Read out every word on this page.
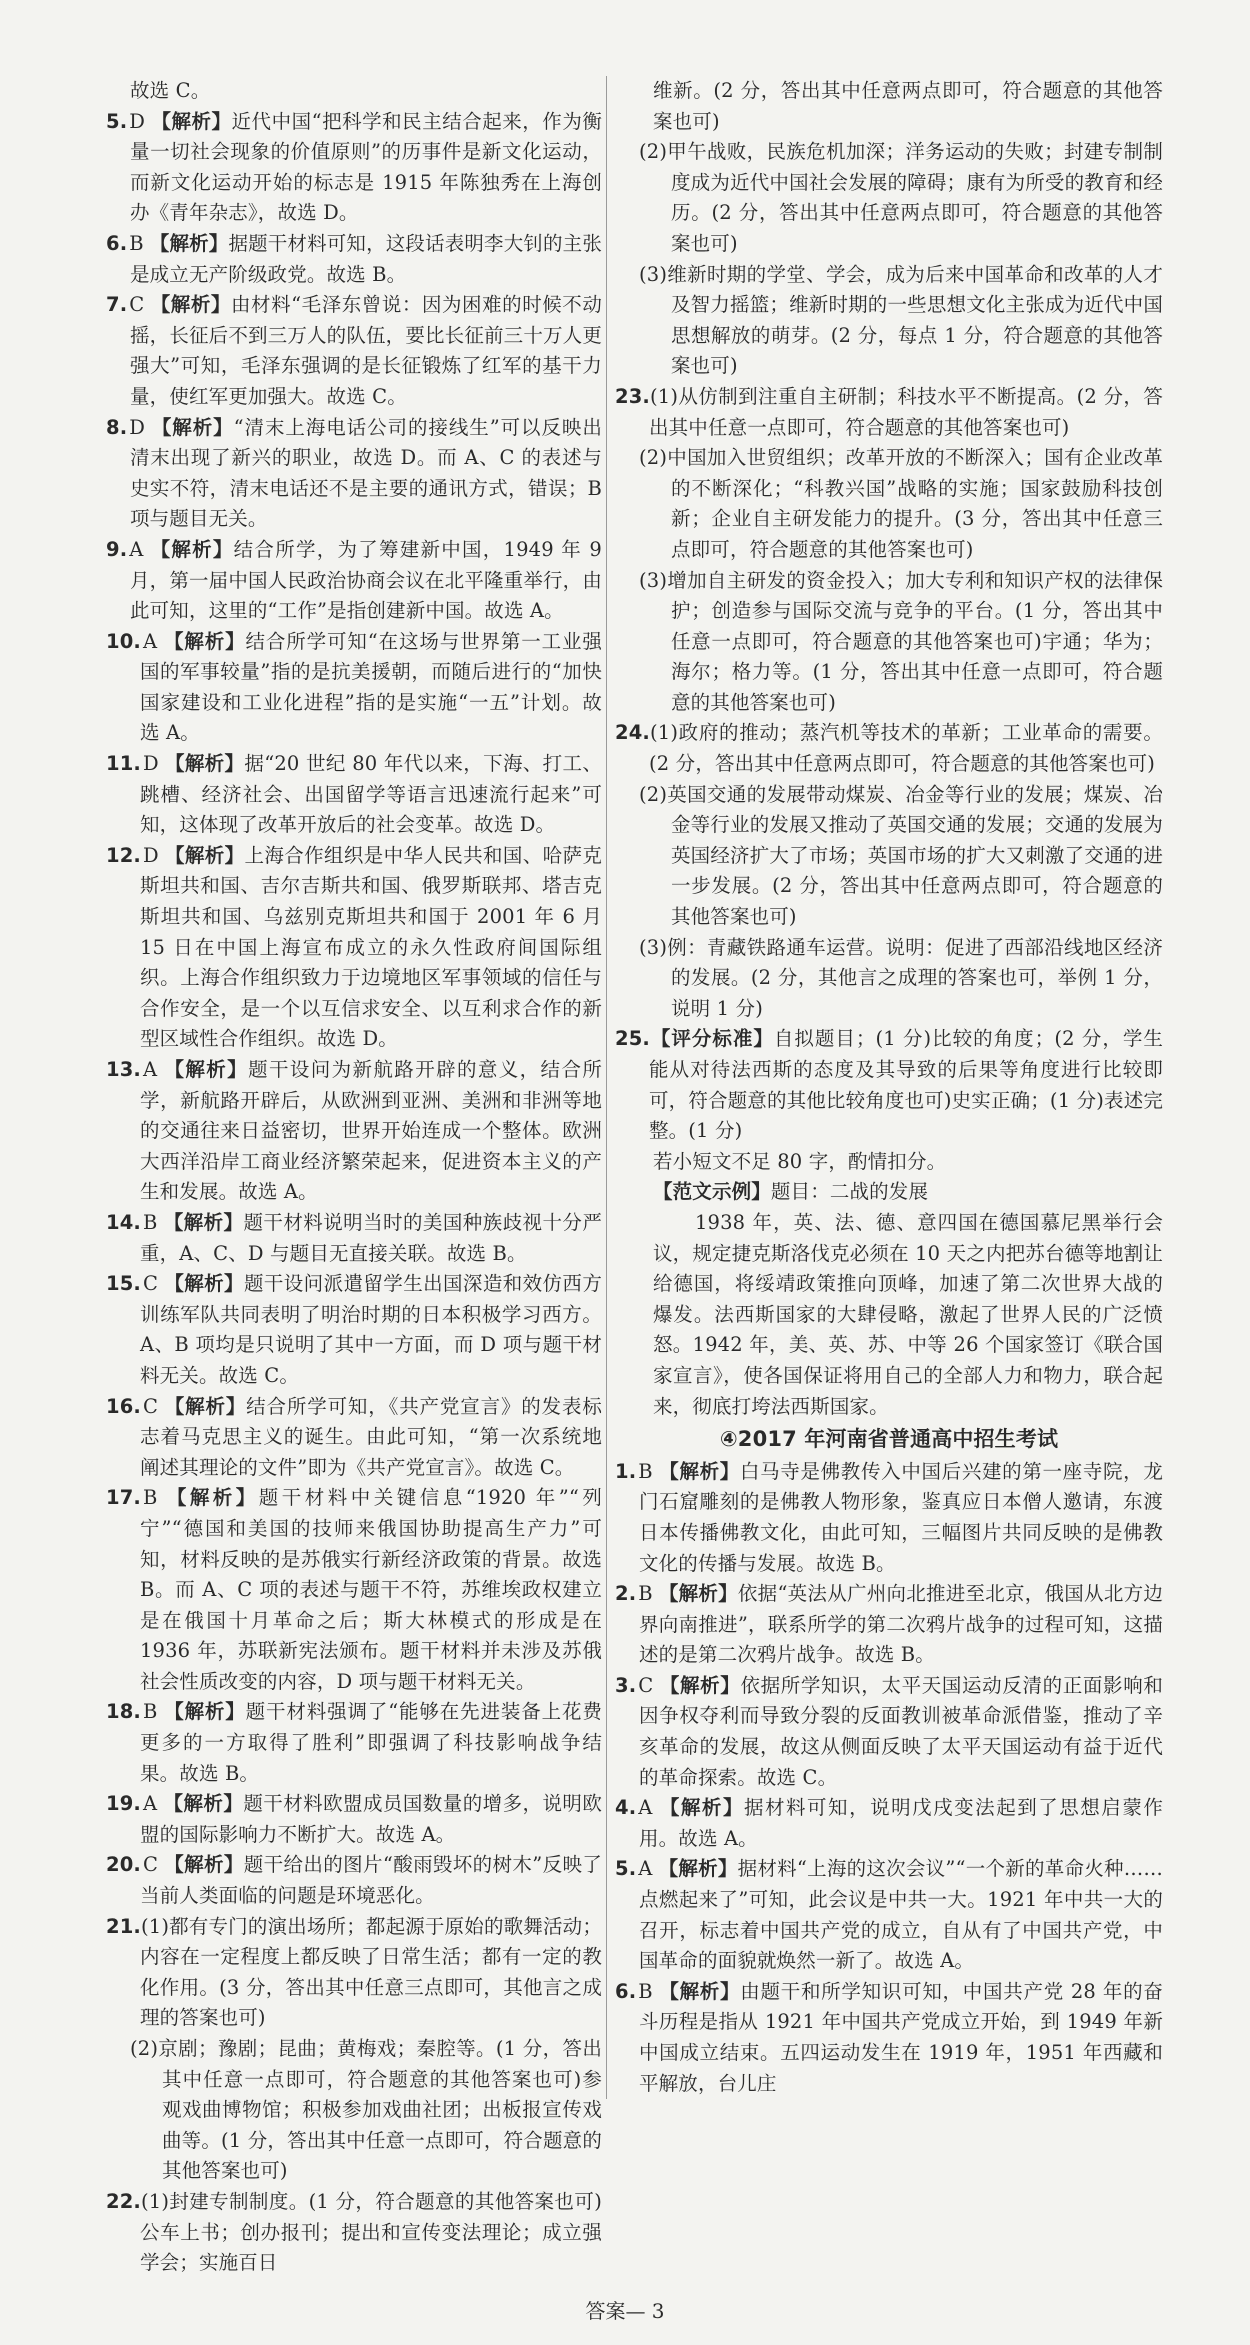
故选 C。

5. D 【解析】近代中国“把科学和民主结合起来，作为衡量一切社会现象的价值原则”的历事件是新文化运动，而新文化运动开始的标志是 1915 年陈独秀在上海创办《青年杂志》，故选 D。

6. B 【解析】据题干材料可知，这段话表明李大钊的主张是成立无产阶级政党。故选 B。

7. C 【解析】由材料“毛泽东曾说：因为困难的时候不动摇，长征后不到三万人的队伍，要比长征前三十万人更强大”可知，毛泽东强调的是长征锻炼了红军的基干力量，使红军更加强大。故选 C。

8. D 【解析】“清末上海电话公司的接线生”可以反映出清末出现了新兴的职业，故选 D。而 A、C 的表述与史实不符，清末电话还不是主要的通讯方式，错误；B 项与题目无关。

9. A 【解析】结合所学，为了筹建新中国，1949 年 9 月，第一届中国人民政治协商会议在北平隆重举行，由此可知，这里的“工作”是指创建新中国。故选 A。

10. A 【解析】结合所学可知“在这场与世界第一工业强国的军事较量”指的是抗美援朝，而随后进行的“加快国家建设和工业化进程”指的是实施“一五”计划。故选 A。

11. D 【解析】据“20 世纪 80 年代以来，下海、打工、跳槽、经济社会、出国留学等语言迅速流行起来”可知，这体现了改革开放后的社会变革。故选 D。

12. D 【解析】上海合作组织是中华人民共和国、哈萨克斯坦共和国、吉尔吉斯共和国、俄罗斯联邦、塔吉克斯坦共和国、乌兹别克斯坦共和国于 2001 年 6 月 15 日在中国上海宣布成立的永久性政府间国际组织。上海合作组织致力于边境地区军事领域的信任与合作安全，是一个以互信求安全、以互利求合作的新型区域性合作组织。故选 D。

13. A 【解析】题干设问为新航路开辟的意义，结合所学，新航路开辟后，从欧洲到亚洲、美洲和非洲等地的交通往来日益密切，世界开始连成一个整体。欧洲大西洋沿岸工商业经济繁荣起来，促进资本主义的产生和发展。故选 A。

14. B 【解析】题干材料说明当时的美国种族歧视十分严重，A、C、D 与题目无直接关联。故选 B。

15. C 【解析】题干设问派遣留学生出国深造和效仿西方训练军队共同表明了明治时期的日本积极学习西方。A、B 项均是只说明了其中一方面，而 D 项与题干材料无关。故选 C。

16. C 【解析】结合所学可知，《共产党宣言》的发表标志着马克思主义的诞生。由此可知，“第一次系统地阐述其理论的文件”即为《共产党宣言》。故选 C。

17. B 【解析】题干材料中关键信息“1920 年”“列宁”“德国和美国的技师来俄国协助提高生产力”可知，材料反映的是苏俄实行新经济政策的背景。故选 B。而 A、C 项的表述与题干不符，苏维埃政权建立是在俄国十月革命之后；斯大林模式的形成是在 1936 年，苏联新宪法颁布。题干材料并未涉及苏俄社会性质改变的内容，D 项与题干材料无关。

18. B 【解析】题干材料强调了“能够在先进装备上花费更多的一方取得了胜利”即强调了科技影响战争结果。故选 B。

19. A 【解析】题干材料欧盟成员国数量的增多，说明欧盟的国际影响力不断扩大。故选 A。

20. C 【解析】题干给出的图片“酸雨毁坏的树木”反映了当前人类面临的问题是环境恶化。

21.(1)都有专门的演出场所；都起源于原始的歌舞活动；内容在一定程度上都反映了日常生活；都有一定的教化作用。(3 分，答出其中任意三点即可，其他言之成理的答案也可)

(2)京剧；豫剧；昆曲；黄梅戏；秦腔等。(1 分，答出其中任意一点即可，符合题意的其他答案也可)参观戏曲博物馆；积极参加戏曲社团；出板报宣传戏曲等。(1 分，答出其中任意一点即可，符合题意的其他答案也可)

22.(1)封建专制制度。(1 分，符合题意的其他答案也可)公车上书；创办报刊；提出和宣传变法理论；成立强学会；实施百日

维新。(2 分，答出其中任意两点即可，符合题意的其他答案也可)

(2)甲午战败，民族危机加深；洋务运动的失败；封建专制制度成为近代中国社会发展的障碍；康有为所受的教育和经历。(2 分，答出其中任意两点即可，符合题意的其他答案也可)

(3)维新时期的学堂、学会，成为后来中国革命和改革的人才及智力摇篮；维新时期的一些思想文化主张成为近代中国思想解放的萌芽。(2 分，每点 1 分，符合题意的其他答案也可)

23.(1)从仿制到注重自主研制；科技水平不断提高。(2 分，答出其中任意一点即可，符合题意的其他答案也可)

(2)中国加入世贸组织；改革开放的不断深入；国有企业改革的不断深化；“科教兴国”战略的实施；国家鼓励科技创新；企业自主研发能力的提升。(3 分，答出其中任意三点即可，符合题意的其他答案也可)

(3)增加自主研发的资金投入；加大专利和知识产权的法律保护；创造参与国际交流与竞争的平台。(1 分，答出其中任意一点即可，符合题意的其他答案也可)宇通；华为；海尔；格力等。(1 分，答出其中任意一点即可，符合题意的其他答案也可)

24.(1)政府的推动；蒸汽机等技术的革新；工业革命的需要。(2 分，答出其中任意两点即可，符合题意的其他答案也可)

(2)英国交通的发展带动煤炭、冶金等行业的发展；煤炭、冶金等行业的发展又推动了英国交通的发展；交通的发展为英国经济扩大了市场；英国市场的扩大又刺激了交通的进一步发展。(2 分，答出其中任意两点即可，符合题意的其他答案也可)

(3)例：青藏铁路通车运营。说明：促进了西部沿线地区经济的发展。(2 分，其他言之成理的答案也可，举例 1 分，说明 1 分)

25.【评分标准】自拟题目；(1 分)比较的角度；(2 分，学生能从对待法西斯的态度及其导致的后果等角度进行比较即可，符合题意的其他比较角度也可)史实正确；(1 分)表述完整。(1 分)

若小短文不足 80 字，酌情扣分。

【范文示例】题目：二战的发展

1938 年，英、法、德、意四国在德国慕尼黑举行会议，规定捷克斯洛伐克必须在 10 天之内把苏台德等地割让给德国，将绥靖政策推向顶峰，加速了第二次世界大战的爆发。法西斯国家的大肆侵略，激起了世界人民的广泛愤怒。1942 年，美、英、苏、中等 26 个国家签订《联合国家宣言》，使各国保证将用自己的全部人力和物力，联合起来，彻底打垮法西斯国家。

④2017 年河南省普通高中招生考试

1. B 【解析】白马寺是佛教传入中国后兴建的第一座寺院，龙门石窟雕刻的是佛教人物形象，鉴真应日本僧人邀请，东渡日本传播佛教文化，由此可知，三幅图片共同反映的是佛教文化的传播与发展。故选 B。

2. B 【解析】依据“英法从广州向北推进至北京，俄国从北方边界向南推进”，联系所学的第二次鸦片战争的过程可知，这描述的是第二次鸦片战争。故选 B。

3. C 【解析】依据所学知识，太平天国运动反清的正面影响和因争权夺利而导致分裂的反面教训被革命派借鉴，推动了辛亥革命的发展，故这从侧面反映了太平天国运动有益于近代的革命探索。故选 C。

4. A 【解析】据材料可知，说明戊戌变法起到了思想启蒙作用。故选 A。

5. A 【解析】据材料“上海的这次会议”“一个新的革命火种……点燃起来了”可知，此会议是中共一大。1921 年中共一大的召开，标志着中国共产党的成立，自从有了中国共产党，中国革命的面貌就焕然一新了。故选 A。

6. B 【解析】由题干和所学知识可知，中国共产党 28 年的奋斗历程是指从 1921 年中国共产党成立开始，到 1949 年新中国成立结束。五四运动发生在 1919 年，1951 年西藏和平解放，台儿庄

答案— 3
